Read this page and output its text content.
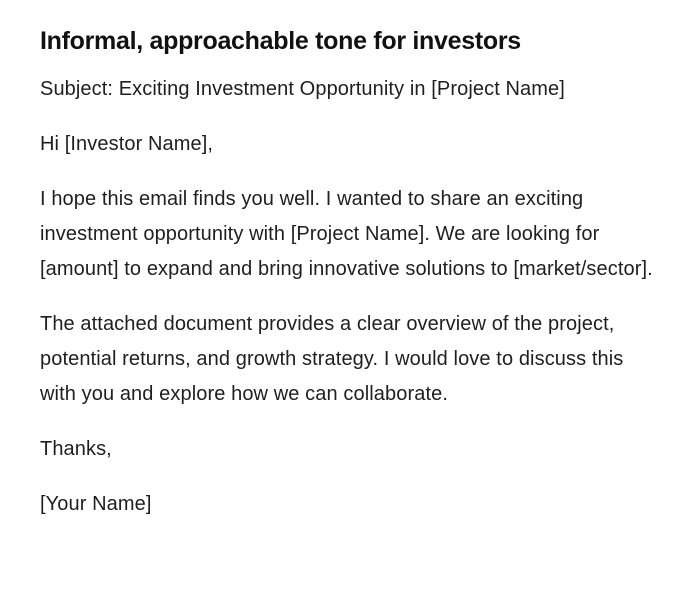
Informal, approachable tone for investors

Subject: Exciting Investment Opportunity in [Project Name]

Hi [Investor Name],

I hope this email finds you well. I wanted to share an exciting investment opportunity with [Project Name]. We are looking for [amount] to expand and bring innovative solutions to [market/sector].

The attached document provides a clear overview of the project, potential returns, and growth strategy. I would love to discuss this with you and explore how we can collaborate.

Thanks,

[Your Name]
